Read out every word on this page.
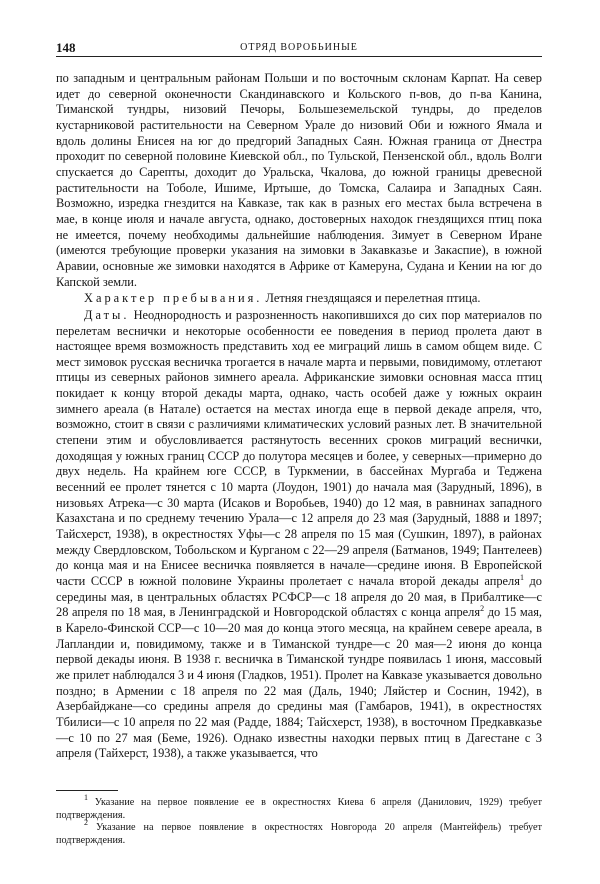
148	ОТРЯД ВОРОБЬИНЫЕ

по западным и центральным районам Польши и по восточным склонам Карпат. На север идет до северной оконечности Скандинавского и Кольского п-вов, до п-ва Канина, Тиманской тундры, низовий Печоры, Большеземельской тундры, до пределов кустарниковой растительности на Северном Урале до низовий Оби и южного Ямала и вдоль долины Енисея на юг до предгорий Западных Саян. Южная граница от Днестра проходит по северной половине Киевской обл., по Тульской, Пензенской обл., вдоль Волги спускается до Сарепты, доходит до Уральска, Чкалова, до южной границы древесной растительности на Тоболе, Ишиме, Иртыше, до Томска, Салаира и Западных Саян. Возможно, изредка гнездится на Кавказе, так как в разных его местах была встречена в мае, в конце июля и начале августа, однако, достоверных находок гнездящихся птиц пока не имеется, почему необходимы дальнейшие наблюдения. Зимует в Северном Иране (имеются требующие проверки указания на зимовки в Закавказье и Закаспие), в южной Аравии, основные же зимовки находятся в Африке от Камеруна, Судана и Кении на юг до Капской земли.

Характер пребывания. Летняя гнездящаяся и перелетная птица.

Даты. Неоднородность и разрозненность накопившихся до сих пор материалов по перелетам веснички и некоторые особенности ее поведения в период пролета дают в настоящее время возможность представить ход ее миграций лишь в самом общем виде. С мест зимовок русская весничка трогается в начале марта и первыми, повидимому, отлетают птицы из северных районов зимнего ареала. Африканские зимовки основная масса птиц покидает к концу второй декады марта, однако, часть особей даже у южных окраин зимнего ареала (в Натале) остается на местах иногда еще в первой декаде апреля, что, возможно, стоит в связи с различиями климатических условий разных лет. В значительной степени этим и обусловливается растянутость весенних сроков миграций веснички, доходящая у южных границ СССР до полутора месяцев и более, у северных—примерно до двух недель. На крайнем юге СССР, в Туркмении, в бассейнах Мургаба и Теджена весенний ее пролет тянется с 10 марта (Лоудон, 1901) до начала мая (Зарудный, 1896), в низовьях Атрека—с 30 марта (Исаков и Воробьев, 1940) до 12 мая, в равнинах западного Казахстана и по среднему течению Урала—с 12 апреля до 23 мая (Зарудный, 1888 и 1897; Тайсхерст, 1938), в окрестностях Уфы—с 28 апреля по 15 мая (Сушкин, 1897), в районах между Свердловском, Тобольском и Курганом с 22—29 апреля (Батманов, 1949; Пантелеев) до конца мая и на Енисее весничка появляется в начале—средине июня. В Европейской части СССР в южной половине Украины пролетает с начала второй декады апреля$^1$ до середины мая, в центральных областях РСФСР—с 18 апреля до 20 мая, в Прибалтике—с 28 апреля по 18 мая, в Ленинградской и Новгородской областях с конца апреля$^2$ до 15 мая, в Карело-Финской ССР—с 10—20 мая до конца этого месяца, на крайнем севере ареала, в Лапландии и, повидимому, также и в Тиманской тундре—с 20 мая—2 июня до конца первой декады июня. В 1938 г. весничка в Тиманской тундре появилась 1 июня, массовый же прилет наблюдался 3 и 4 июня (Гладков, 1951). Пролет на Кавказе указывается довольно поздно; в Армении с 18 апреля по 22 мая (Даль, 1940; Ляйстер и Соснин, 1942), в Азербайджане—со средины апреля до средины мая (Гамбаров, 1941), в окрестностях Тбилиси—с 10 апреля по 22 мая (Радде, 1884; Тайсхерст, 1938), в восточном Предкавказье—с 10 по 27 мая (Беме, 1926). Однако известны находки первых птиц в Дагестане с 3 апреля (Тайхерст, 1938), а также указывается, что

$^1$ Указание на первое появление ее в окрестностях Киева 6 апреля (Данилович, 1929) требует подтверждения.

$^2$ Указание на первое появление в окрестностях Новгорода 20 апреля (Мантейфель) требует подтверждения.
